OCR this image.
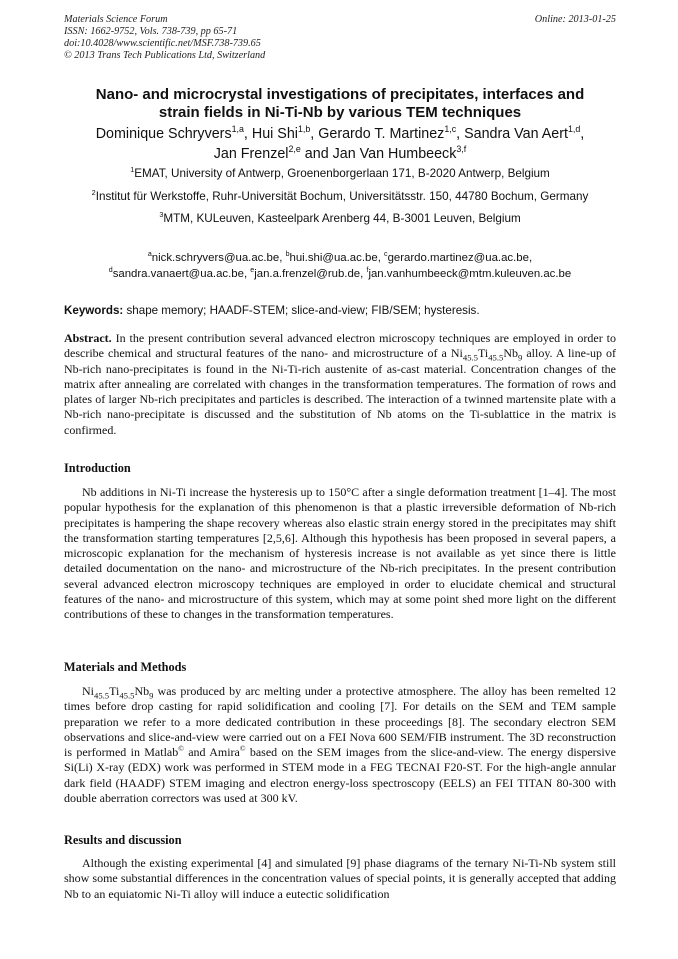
Materials Science Forum
ISSN: 1662-9752, Vols. 738-739, pp 65-71
doi:10.4028/www.scientific.net/MSF.738-739.65
© 2013 Trans Tech Publications Ltd, Switzerland
Online: 2013-01-25
Nano- and microcrystal investigations of precipitates, interfaces and
strain fields in Ni-Ti-Nb by various TEM techniques
Dominique Schryvers$^{1,a}$, Hui Shi$^{1,b}$, Gerardo T. Martinez$^{1,c}$, Sandra Van Aert$^{1,d}$,
Jan Frenzel$^{2,e}$ and Jan Van Humbeeck$^{3,f}$
$^1$EMAT, University of Antwerp, Groenenborgerlaan 171, B-2020 Antwerp, Belgium
$^2$Institut für Werkstoffe, Ruhr-Universität Bochum, Universitätsstr. 150, 44780 Bochum, Germany
$^3$MTM, KULeuven, Kasteelpark Arenberg 44, B-3001 Leuven, Belgium
$^a$nick.schryvers@ua.ac.be, $^b$hui.shi@ua.ac.be, $^c$gerardo.martinez@ua.ac.be,
$^d$sandra.vanaert@ua.ac.be, $^e$jan.a.frenzel@rub.de, $^f$jan.vanhumbeeck@mtm.kuleuven.ac.be
Keywords: shape memory; HAADF-STEM; slice-and-view; FIB/SEM; hysteresis.
Abstract. In the present contribution several advanced electron microscopy techniques are employed in order to describe chemical and structural features of the nano- and microstructure of a $Ni_{45.5}Ti_{45.5}Nb_9$ alloy. A line-up of Nb-rich nano-precipitates is found in the Ni-Ti-rich austenite of as-cast material. Concentration changes of the matrix after annealing are correlated with changes in the transformation temperatures. The formation of rows and plates of larger Nb-rich precipitates and particles is described. The interaction of a twinned martensite plate with a Nb-rich nano-precipitate is discussed and the substitution of Nb atoms on the Ti-sublattice in the matrix is confirmed.
Introduction
Nb additions in Ni-Ti increase the hysteresis up to 150°C after a single deformation treatment [1–4]. The most popular hypothesis for the explanation of this phenomenon is that a plastic irreversible deformation of Nb-rich precipitates is hampering the shape recovery whereas also elastic strain energy stored in the precipitates may shift the transformation starting temperatures [2,5,6]. Although this hypothesis has been proposed in several papers, a microscopic explanation for the mechanism of hysteresis increase is not available as yet since there is little detailed documentation on the nano- and microstructure of the Nb-rich precipitates. In the present contribution several advanced electron microscopy techniques are employed in order to elucidate chemical and structural features of the nano- and microstructure of this system, which may at some point shed more light on the different contributions of these to changes in the transformation temperatures.
Materials and Methods
$Ni_{45.5}Ti_{45.5}Nb_9$ was produced by arc melting under a protective atmosphere. The alloy has been remelted 12 times before drop casting for rapid solidification and cooling [7]. For details on the SEM and TEM sample preparation we refer to a more dedicated contribution in these proceedings [8]. The secondary electron SEM observations and slice-and-view were carried out on a FEI Nova 600 SEM/FIB instrument. The 3D reconstruction is performed in Matlab© and Amira© based on the SEM images from the slice-and-view. The energy dispersive Si(Li) X-ray (EDX) work was performed in STEM mode in a FEG TECNAI F20-ST. For the high-angle annular dark field (HAADF) STEM imaging and electron energy-loss spectroscopy (EELS) an FEI TITAN 80-300 with double aberration correctors was used at 300 kV.
Results and discussion
Although the existing experimental [4] and simulated [9] phase diagrams of the ternary Ni-Ti-Nb system still show some substantial differences in the concentration values of special points, it is generally accepted that adding Nb to an equiatomic Ni-Ti alloy will induce a eutectic solidification
